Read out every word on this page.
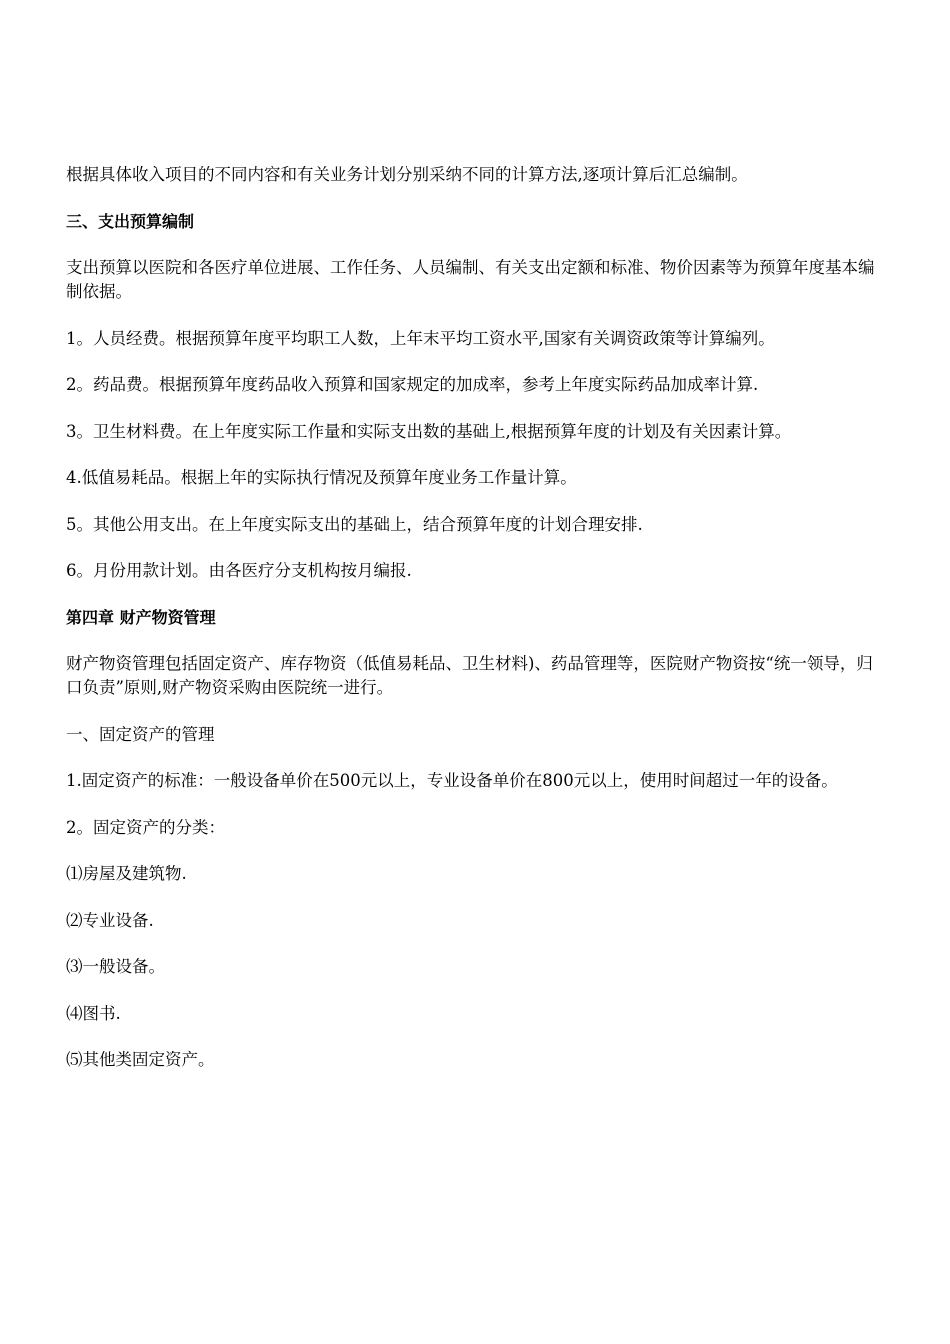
根据具体收入项目的不同内容和有关业务计划分别采纳不同的计算方法,逐项计算后汇总编制。

三、支出预算编制

支出预算以医院和各医疗单位进展、工作任务、人员编制、有关支出定额和标准、物价因素等为预算年度基本编制依据。

1。人员经费。根据预算年度平均职工人数，上年末平均工资水平,国家有关调资政策等计算编列。

2。药品费。根据预算年度药品收入预算和国家规定的加成率，参考上年度实际药品加成率计算.

3。卫生材料费。在上年度实际工作量和实际支出数的基础上,根据预算年度的计划及有关因素计算。

4.低值易耗品。根据上年的实际执行情况及预算年度业务工作量计算。

5。其他公用支出。在上年度实际支出的基础上，结合预算年度的计划合理安排.

6。月份用款计划。由各医疗分支机构按月编报.

第四章 财产物资管理

财产物资管理包括固定资产、库存物资（低值易耗品、卫生材料)、药品管理等，医院财产物资按“统一领导，归口负责”原则,财产物资采购由医院统一进行。

一、固定资产的管理

1.固定资产的标准：一般设备单价在500元以上，专业设备单价在800元以上，使用时间超过一年的设备。

2。固定资产的分类：

⑴房屋及建筑物.

⑵专业设备.

⑶一般设备。

⑷图书.

⑸其他类固定资产。
